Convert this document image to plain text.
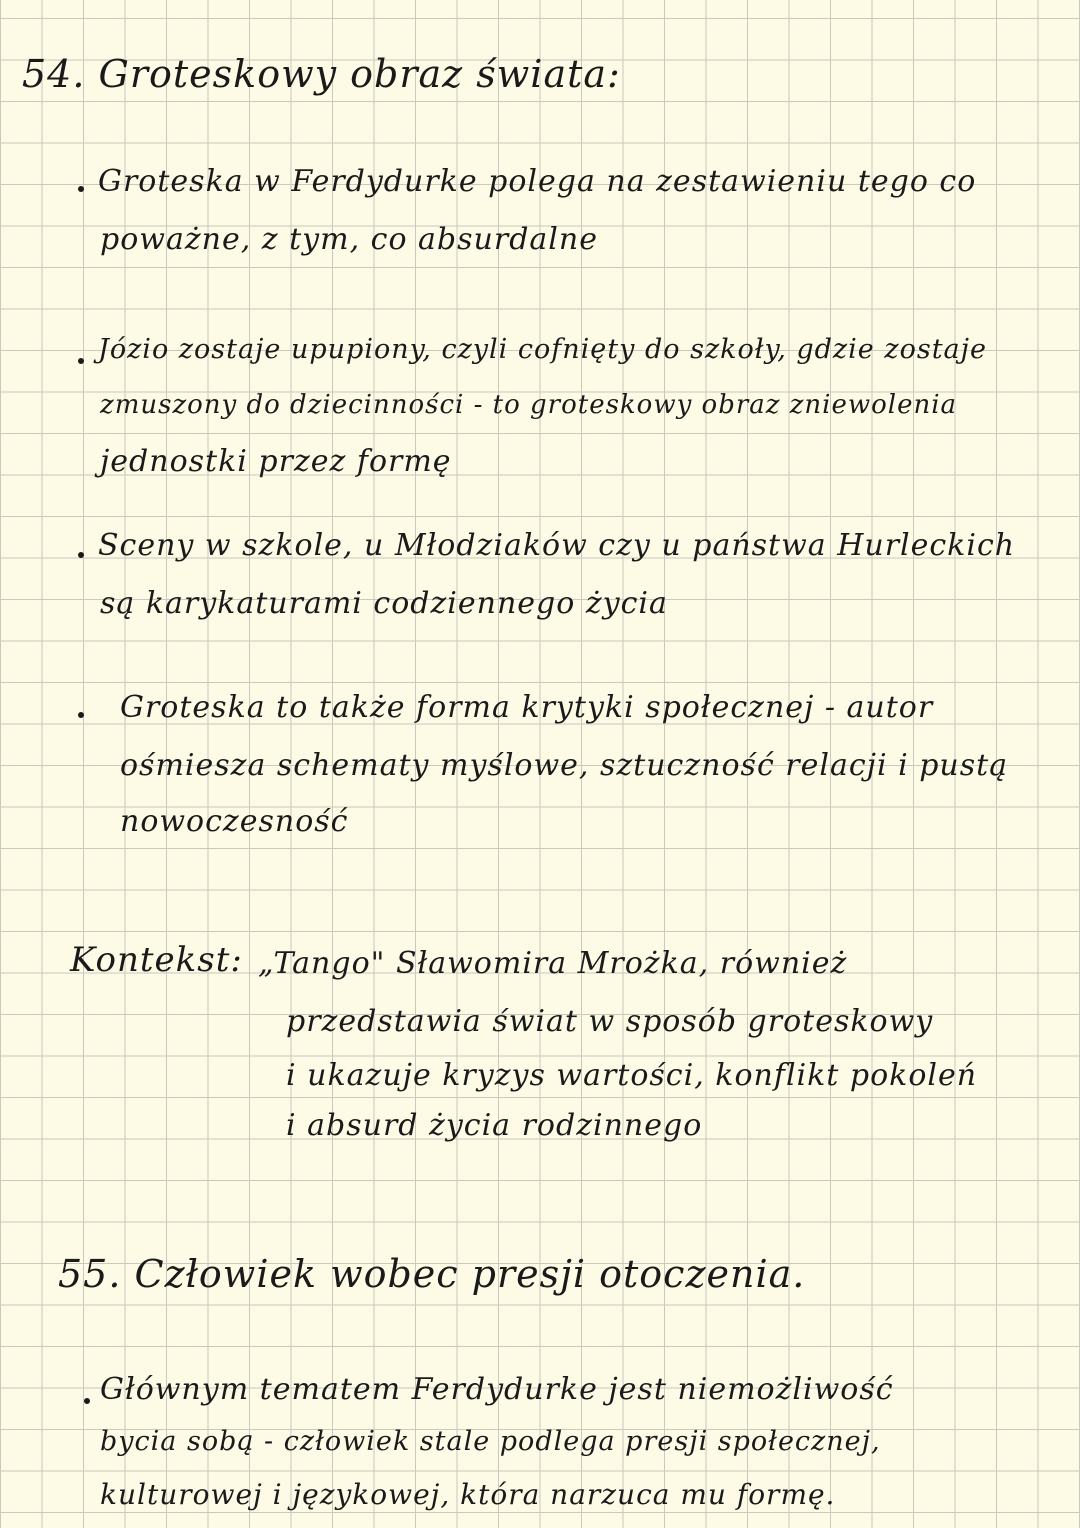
54. Groteskowy obraz świata:
Groteska w Ferdydurke polega na zestawieniu tego co
poważne, z tym, co absurdalne
Józio zostaje upupiony, czyli cofnięty do szkoły, gdzie zostaje
zmuszony do dziecinności - to groteskowy obraz zniewolenia
jednostki przez formę
Sceny w szkole, u Młodziaków czy u państwa Hurleckich
są karykaturami codziennego życia
Groteska to także forma krytyki społecznej - autor
ośmiesza schematy myślowe, sztuczność relacji i pustą
nowoczesność
Kontekst: „Tango" Sławomira Mrożka, również
przedstawia świat w sposób groteskowy
i ukazuje kryzys wartości, konflikt pokoleń
i absurd życia rodzinnego
55. Człowiek wobec presji otoczenia.
Głównym tematem Ferdydurke jest niemożliwość
bycia sobą - człowiek stale podlega presji społecznej,
kulturowej i językowej, która narzuca mu formę.
